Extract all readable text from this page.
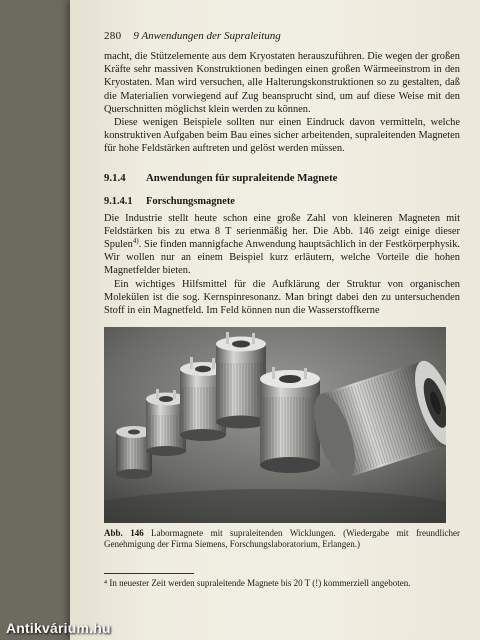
280 9 Anwendungen der Supraleitung

macht, die Stützelemente aus dem Kryostaten herauszuführen. Die wegen der großen Kräfte sehr massiven Konstruktionen bedingen einen großen Wärmeeinstrom in den Kryostaten. Man wird versuchen, alle Halterungskonstruktionen so zu gestalten, daß die Materialien vorwiegend auf Zug beansprucht sind, um auf diese Weise mit den Querschnitten möglichst klein werden zu können.

Diese wenigen Beispiele sollten nur einen Eindruck davon vermitteln, welche konstruktiven Aufgaben beim Bau eines sicher arbeitenden, supraleitenden Magneten für hohe Feldstärken auftreten und gelöst werden müssen.

9.1.4	Anwendungen für supraleitende Magnete
9.1.4.1	Forschungsmagnete

Die Industrie stellt heute schon eine große Zahl von kleineren Magneten mit Feldstärken bis zu etwa 8 T serienmäßig her. Die Abb. 146 zeigt einige dieser Spulen$^{4)}$. Sie finden mannigfache Anwendung hauptsächlich in der Festkörperphysik. Wir wollen nur an einem Beispiel kurz erläutern, welche Vorteile die hohen Magnetfelder bieten.

Ein wichtiges Hilfsmittel für die Aufklärung der Struktur von organischen Molekülen ist die sog. Kernspinresonanz. Man bringt dabei den zu untersuchenden Stoff in ein Magnetfeld. Im Feld können nun die Wasserstoffkerne

Abb. 146 Labormagnete mit supraleitenden Wicklungen. (Wiedergabe mit freundlicher Genehmigung der Firma Siemens, Forschungslaboratorium, Erlangen.)
⁴ In neuester Zeit werden supraleitende Magnete bis 20 T (!) kommerziell angeboten.
Antikvárium.hu
